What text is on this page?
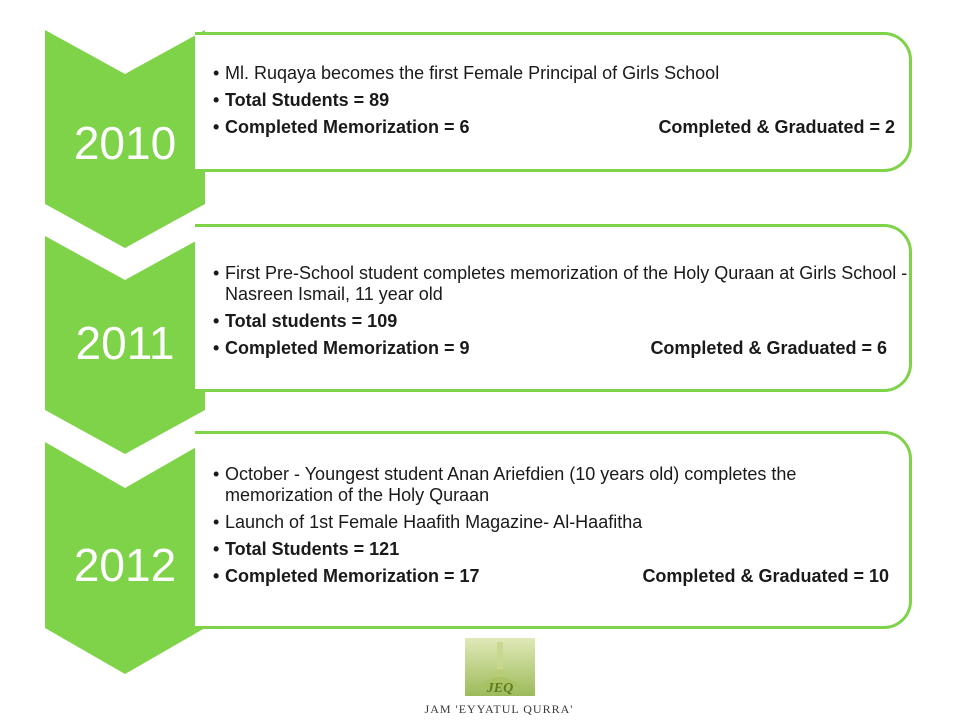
2010
• Ml. Ruqaya becomes the first Female Principal of Girls School
• Total Students = 89
• Completed Memorization = 6	Completed & Graduated = 2
2011
• First Pre-School student completes memorization of the Holy Quraan at Girls School - Nasreen Ismail, 11 year old
• Total students = 109
• Completed Memorization = 9	Completed & Graduated = 6
2012
• October - Youngest student Anan Ariefdien (10 years old) completes the memorization of the Holy Quraan
• Launch of 1st Female Haafith Magazine- Al-Haafitha
• Total Students = 121
• Completed Memorization = 17	Completed & Graduated = 10
JEQ
JAM 'EYYATUL QURRA'
